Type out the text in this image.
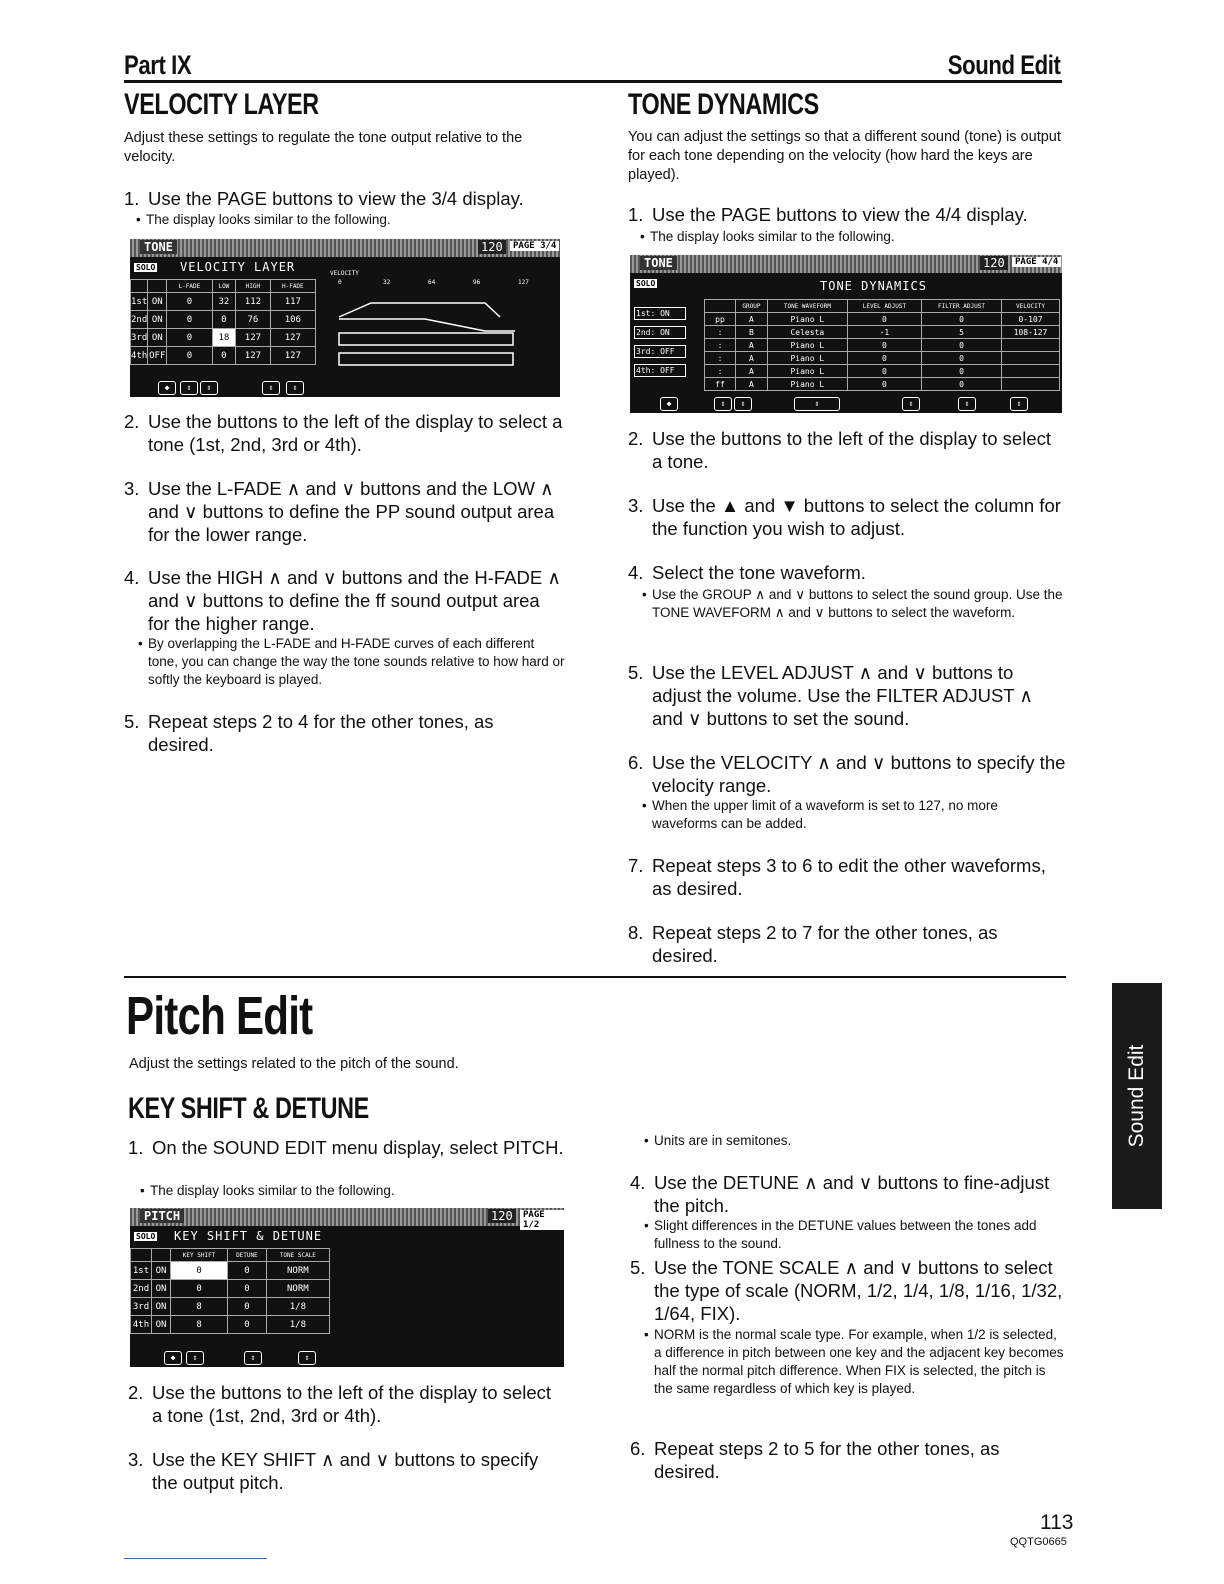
Part IX	Sound Edit
VELOCITY LAYER
Adjust these settings to regulate the tone output relative to the velocity.
1. Use the PAGE buttons to view the 3/4 display.
• The display looks similar to the following.
TONE	120	PAGE 3/4
SOLO VELOCITY LAYER	VELOCITY
0	32	64	96	127
		L-FADE	LOW	HIGH	H-FADE
1st	ON	0	32	112	117
2nd	ON	0	0	76	106
3rd	ON	0	18	127	127
4th	OFF	0	0	127	127
◆	⇕	⇕	⇕	⇕
2. Use the buttons to the left of the display to select a tone (1st, 2nd, 3rd or 4th).
3. Use the L-FADE ∧ and ∨ buttons and the LOW ∧ and ∨ buttons to define the PP sound output area for the lower range.
4. Use the HIGH ∧ and ∨ buttons and the H-FADE ∧ and ∨ buttons to define the ff sound output area for the higher range.
• By overlapping the L-FADE and H-FADE curves of each different tone, you can change the way the tone sounds relative to how hard or softly the keyboard is played.
5. Repeat steps 2 to 4 for the other tones, as desired.
TONE DYNAMICS
You can adjust the settings so that a different sound (tone) is output for each tone depending on the velocity (how hard the keys are played).
1. Use the PAGE buttons to view the 4/4 display.
• The display looks similar to the following.
TONE	120	PAGE 4/4
SOLO	TONE DYNAMICS
1st: ON
2nd: ON
3rd: OFF
4th: OFF
	GROUP	TONE WAVEFORM	LEVEL ADJUST	FILTER ADJUST	VELOCITY
pp	A	Piano L	0	0	0-107
:	B	Celesta	-1	5	108-127
:	A	Piano L	0	0	
:	A	Piano L	0	0	
:	A	Piano L	0	0	
ff	A	Piano L	0	0	
◆	⇕	⇕	⇕	⇕	⇕	⇕
2. Use the buttons to the left of the display to select a tone.
3. Use the ▲ and ▼ buttons to select the column for the function you wish to adjust.
4. Select the tone waveform.
• Use the GROUP ∧ and ∨ buttons to select the sound group. Use the TONE WAVEFORM ∧ and ∨ buttons to select the waveform.
5. Use the LEVEL ADJUST ∧ and ∨ buttons to adjust the volume. Use the FILTER ADJUST ∧ and ∨ buttons to set the sound.
6. Use the VELOCITY ∧ and ∨ buttons to specify the velocity range.
• When the upper limit of a waveform is set to 127, no more waveforms can be added.
7. Repeat steps 3 to 6 to edit the other waveforms, as desired.
8. Repeat steps 2 to 7 for the other tones, as desired.
Pitch Edit
Adjust the settings related to the pitch of the sound.
KEY SHIFT & DETUNE
1. On the SOUND EDIT menu display, select PITCH.
• The display looks similar to the following.
PITCH	120	PAGE 1/2
SOLO KEY SHIFT & DETUNE
		KEY SHIFT	DETUNE	TONE SCALE
1st	ON	0	0	NORM
2nd	ON	0	0	NORM
3rd	ON	8	0	1/8
4th	ON	8	0	1/8
◆	⇕	⇕	⇕
2. Use the buttons to the left of the display to select a tone (1st, 2nd, 3rd or 4th).
3. Use the KEY SHIFT ∧ and ∨ buttons to specify the output pitch.
• Units are in semitones.
4. Use the DETUNE ∧ and ∨ buttons to fine-adjust the pitch.
• Slight differences in the DETUNE values between the tones add fullness to the sound.
5. Use the TONE SCALE ∧ and ∨ buttons to select the type of scale (NORM, 1/2, 1/4, 1/8, 1/16, 1/32, 1/64, FIX).
• NORM is the normal scale type. For example, when 1/2 is selected, a difference in pitch between one key and the adjacent key becomes half the normal pitch difference. When FIX is selected, the pitch is the same regardless of which key is played.
6. Repeat steps 2 to 5 for the other tones, as desired.
Sound Edit
113
QQTG0665
